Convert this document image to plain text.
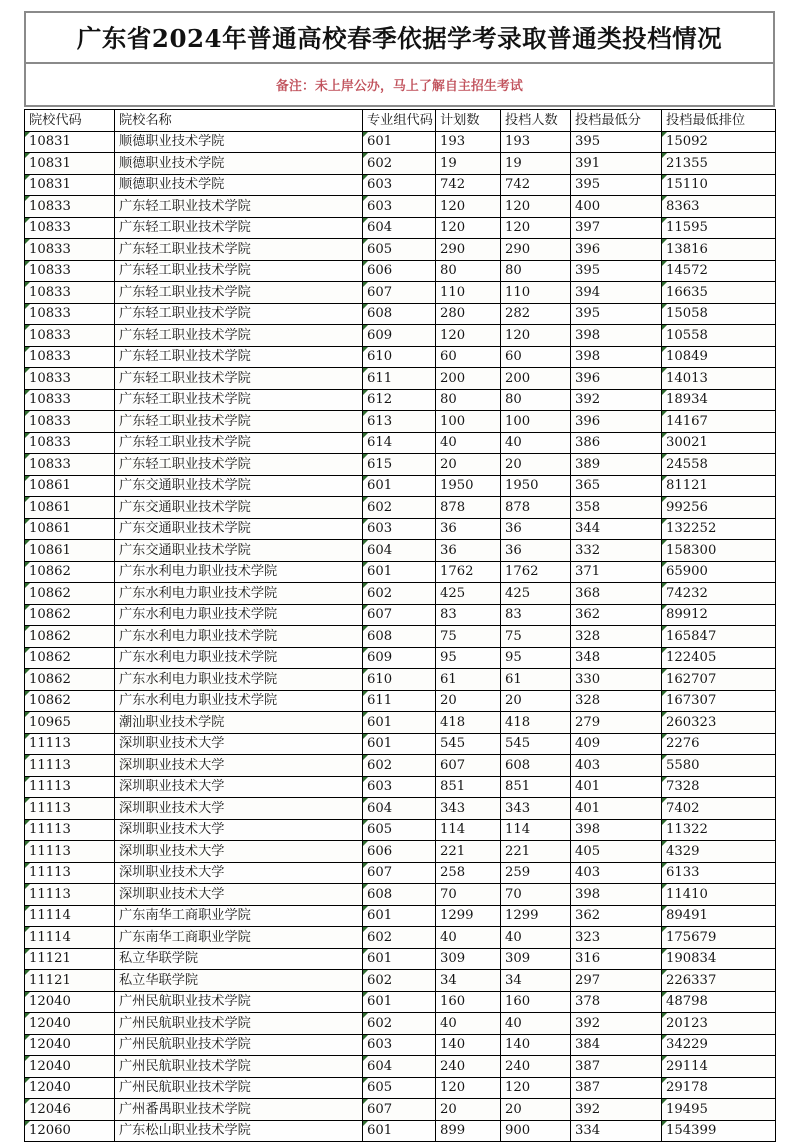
广东省2024年普通高校春季依据学考录取普通类投档情况
备注：未上岸公办，马上了解自主招生考试
院校代码	院校名称	专业组代码	计划数	投档人数	投档最低分	投档最低排位
10831	顺德职业技术学院	601	193	193	395	15092
10831	顺德职业技术学院	602	19	19	391	21355
10831	顺德职业技术学院	603	742	742	395	15110
10833	广东轻工职业技术学院	603	120	120	400	8363
10833	广东轻工职业技术学院	604	120	120	397	11595
10833	广东轻工职业技术学院	605	290	290	396	13816
10833	广东轻工职业技术学院	606	80	80	395	14572
10833	广东轻工职业技术学院	607	110	110	394	16635
10833	广东轻工职业技术学院	608	280	282	395	15058
10833	广东轻工职业技术学院	609	120	120	398	10558
10833	广东轻工职业技术学院	610	60	60	398	10849
10833	广东轻工职业技术学院	611	200	200	396	14013
10833	广东轻工职业技术学院	612	80	80	392	18934
10833	广东轻工职业技术学院	613	100	100	396	14167
10833	广东轻工职业技术学院	614	40	40	386	30021
10833	广东轻工职业技术学院	615	20	20	389	24558
10861	广东交通职业技术学院	601	1950	1950	365	81121
10861	广东交通职业技术学院	602	878	878	358	99256
10861	广东交通职业技术学院	603	36	36	344	132252
10861	广东交通职业技术学院	604	36	36	332	158300
10862	广东水利电力职业技术学院	601	1762	1762	371	65900
10862	广东水利电力职业技术学院	602	425	425	368	74232
10862	广东水利电力职业技术学院	607	83	83	362	89912
10862	广东水利电力职业技术学院	608	75	75	328	165847
10862	广东水利电力职业技术学院	609	95	95	348	122405
10862	广东水利电力职业技术学院	610	61	61	330	162707
10862	广东水利电力职业技术学院	611	20	20	328	167307
10965	潮汕职业技术学院	601	418	418	279	260323
11113	深圳职业技术大学	601	545	545	409	2276
11113	深圳职业技术大学	602	607	608	403	5580
11113	深圳职业技术大学	603	851	851	401	7328
11113	深圳职业技术大学	604	343	343	401	7402
11113	深圳职业技术大学	605	114	114	398	11322
11113	深圳职业技术大学	606	221	221	405	4329
11113	深圳职业技术大学	607	258	259	403	6133
11113	深圳职业技术大学	608	70	70	398	11410
11114	广东南华工商职业学院	601	1299	1299	362	89491
11114	广东南华工商职业学院	602	40	40	323	175679
11121	私立华联学院	601	309	309	316	190834
11121	私立华联学院	602	34	34	297	226337
12040	广州民航职业技术学院	601	160	160	378	48798
12040	广州民航职业技术学院	602	40	40	392	20123
12040	广州民航职业技术学院	603	140	140	384	34229
12040	广州民航职业技术学院	604	240	240	387	29114
12040	广州民航职业技术学院	605	120	120	387	29178
12046	广州番禺职业技术学院	607	20	20	392	19495
12060	广东松山职业技术学院	601	899	900	334	154399
